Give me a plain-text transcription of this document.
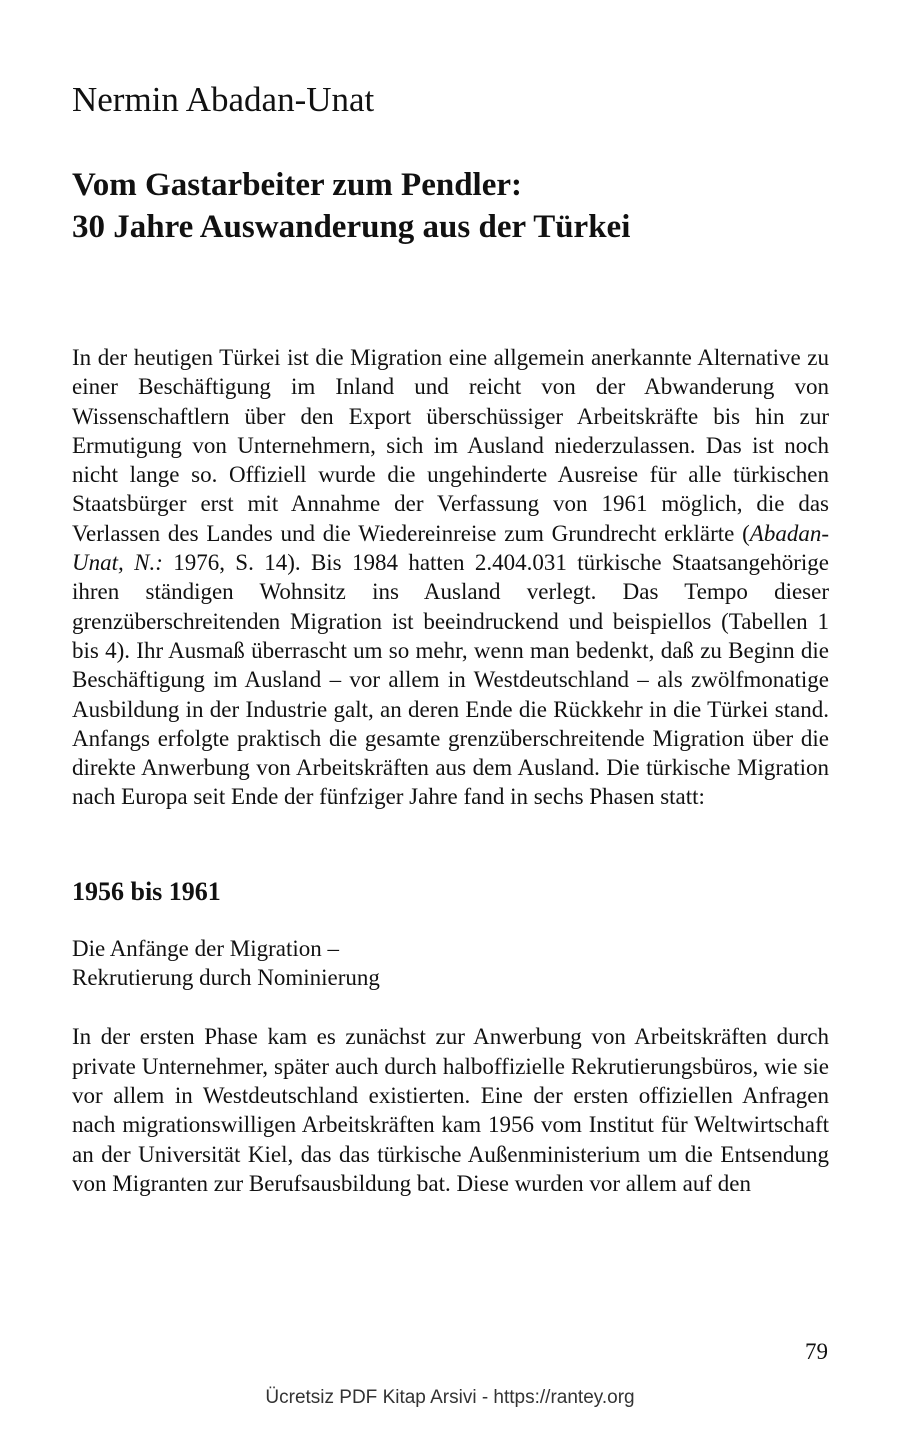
Nermin Abadan-Unat
Vom Gastarbeiter zum Pendler:
30 Jahre Auswanderung aus der Türkei

In der heutigen Türkei ist die Migration eine allgemein anerkannte Alternative zu einer Beschäftigung im Inland und reicht von der Abwanderung von Wissenschaftlern über den Export überschüssiger Arbeitskräfte bis hin zur Ermutigung von Unternehmern, sich im Ausland niederzulassen. Das ist noch nicht lange so. Offiziell wurde die ungehinderte Ausreise für alle türkischen Staatsbürger erst mit Annahme der Verfassung von 1961 möglich, die das Verlassen des Landes und die Wiedereinreise zum Grundrecht erklärte (Abadan-Unat, N.: 1976, S. 14). Bis 1984 hatten 2.404.031 türkische Staatsangehörige ihren ständigen Wohnsitz ins Ausland verlegt. Das Tempo dieser grenzüberschreitenden Migration ist beeindruckend und beispiellos (Tabellen 1 bis 4). Ihr Ausmaß überrascht um so mehr, wenn man bedenkt, daß zu Beginn die Beschäftigung im Ausland – vor allem in Westdeutschland – als zwölfmonatige Ausbildung in der Industrie galt, an deren Ende die Rückkehr in die Türkei stand. Anfangs erfolgte praktisch die gesamte grenzüberschreitende Migration über die direkte Anwerbung von Arbeitskräften aus dem Ausland. Die türkische Migration nach Europa seit Ende der fünfziger Jahre fand in sechs Phasen statt:

1956 bis 1961

Die Anfänge der Migration –
Rekrutierung durch Nominierung

In der ersten Phase kam es zunächst zur Anwerbung von Arbeitskräften durch private Unternehmer, später auch durch halboffizielle Rekrutierungsbüros, wie sie vor allem in Westdeutschland existierten. Eine der ersten offiziellen Anfragen nach migrationswilligen Arbeitskräften kam 1956 vom Institut für Weltwirtschaft an der Universität Kiel, das das türkische Außenministerium um die Entsendung von Migranten zur Berufsausbildung bat. Diese wurden vor allem auf den

79
Ücretsiz PDF Kitap Arsivi - https://rantey.org
